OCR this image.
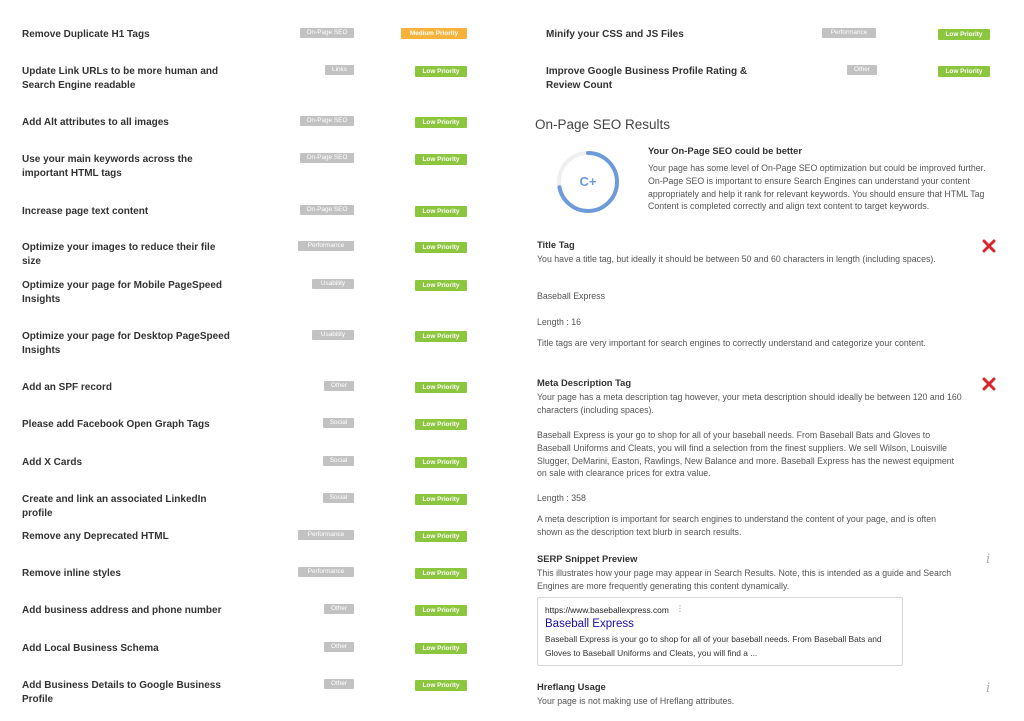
Remove Duplicate H1 Tags	On-Page SEO	Medium Priority
Update Link URLs to be more human and Search Engine readable
Links	Low Priority
Add Alt attributes to all images	On-Page SEO	Low Priority
Use your main keywords across the important HTML tags
On-Page SEO	Low Priority
Increase page text content	On-Page SEO	Low Priority
Optimize your images to reduce their file size
Performance	Low Priority
Optimize your page for Mobile PageSpeed Insights
Usability	Low Priority
Optimize your page for Desktop PageSpeed Insights
Usability	Low Priority
Add an SPF record	Other	Low Priority
Please add Facebook Open Graph Tags	Social	Low Priority
Add X Cards	Social	Low Priority
Create and link an associated LinkedIn profile
Social	Low Priority
Remove any Deprecated HTML	Performance	Low Priority
Remove inline styles	Performance	Low Priority
Add business address and phone number	Other	Low Priority
Add Local Business Schema	Other	Low Priority
Add Business Details to Google Business Profile
Other	Low Priority
Minify your CSS and JS Files	Performance	Low Priority
Improve Google Business Profile Rating & Review Count
Other	Low Priority
On-Page SEO Results
C+
Your On-Page SEO could be better
Your page has some level of On-Page SEO optimization but could be improved further. On-Page SEO is important to ensure Search Engines can understand your content appropriately and help it rank for relevant keywords. You should ensure that HTML Tag Content is completed correctly and align text content to target keywords.
Title Tag
You have a title tag, but ideally it should be between 50 and 60 characters in length (including spaces).
Baseball Express
Length : 16
Title tags are very important for search engines to correctly understand and categorize your content.
Meta Description Tag
Your page has a meta description tag however, your meta description should ideally be between 120 and 160 characters (including spaces).
Baseball Express is your go to shop for all of your baseball needs. From Baseball Bats and Gloves to Baseball Uniforms and Cleats, you will find a selection from the finest suppliers. We sell Wilson, Louisville Slugger, DeMarini, Easton, Rawlings, New Balance and more. Baseball Express has the newest equipment on sale with clearance prices for extra value.
Length : 358
A meta description is important for search engines to understand the content of your page, and is often shown as the description text blurb in search results.
SERP Snippet Preview	i
This illustrates how your page may appear in Search Results. Note, this is intended as a guide and Search Engines are more frequently generating this content dynamically.
https://www.baseballexpress.com ⋮
Baseball Express
Baseball Express is your go to shop for all of your baseball needs. From Baseball Bats and Gloves to Baseball Uniforms and Cleats, you will find a ...
Hreflang Usage	i
Your page is not making use of Hreflang attributes.
